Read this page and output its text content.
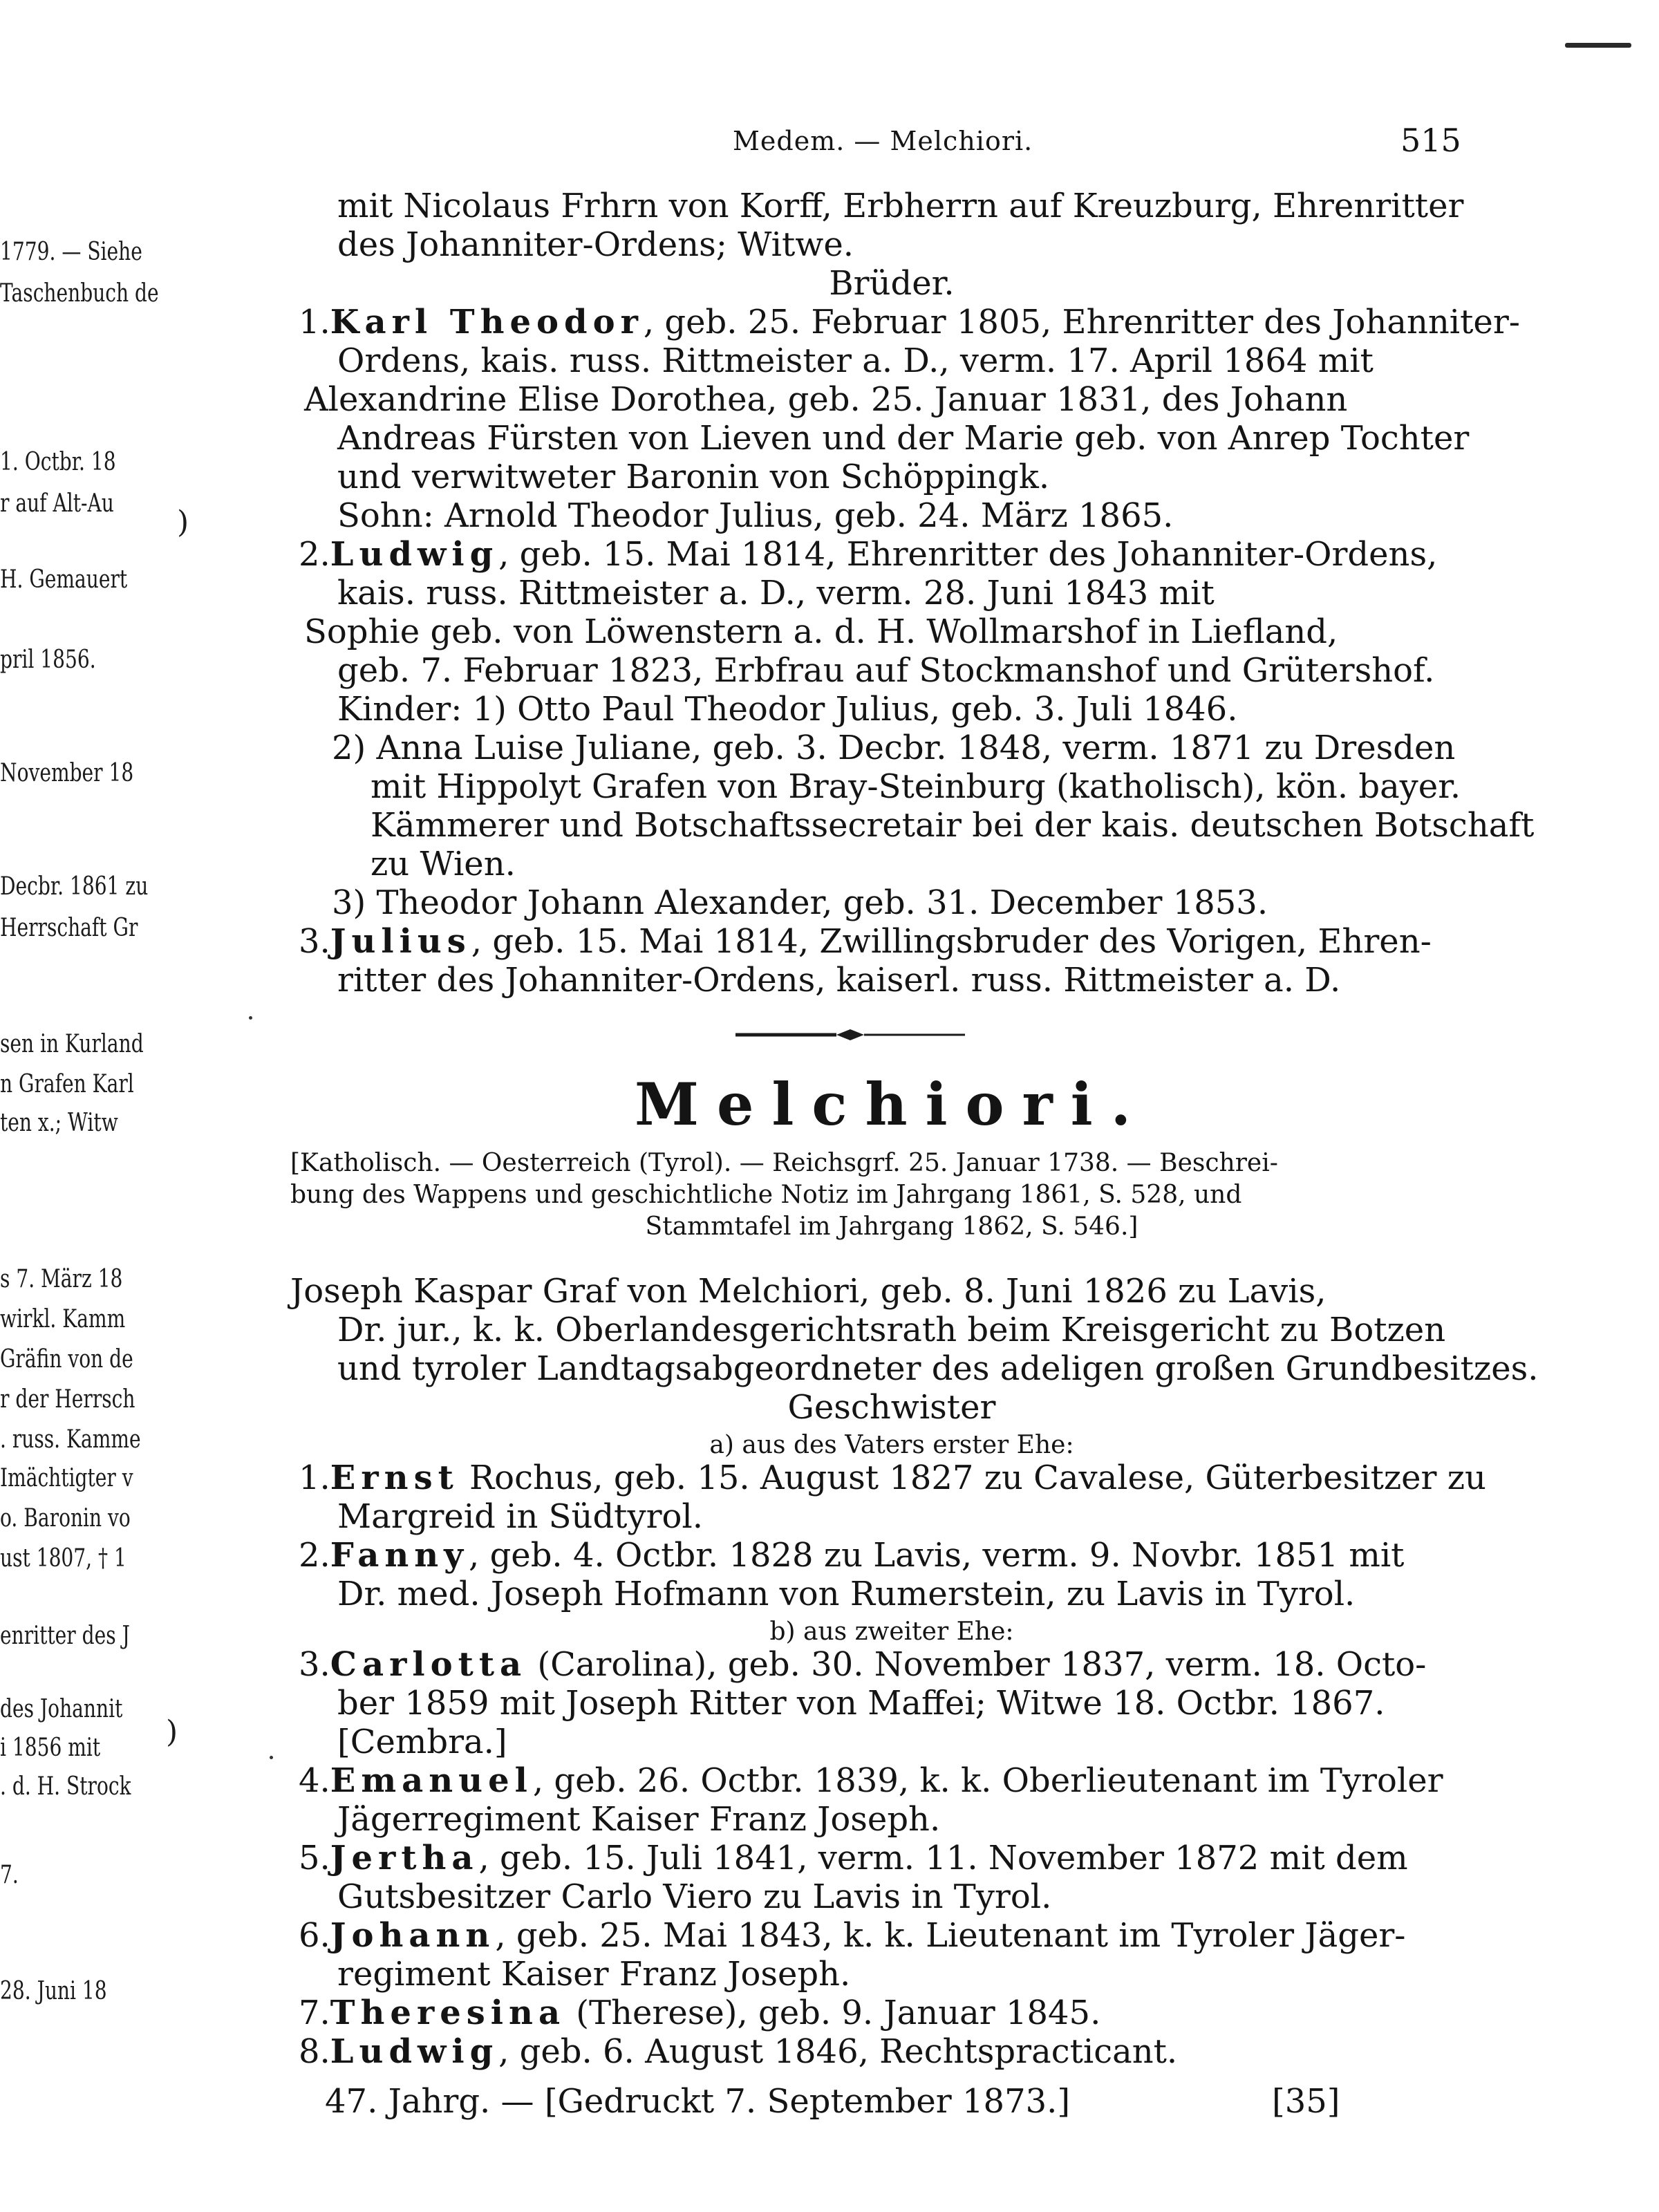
1779. — Siehe
Taschenbuch de
1. Octbr. 18
r auf Alt-Au
H. Gemauert
pril 1856.
November 18
Decbr. 1861 zu
Herrschaft Gr
sen in Kurland
n Grafen Karl
ten x.; Witw
s 7. März 18
wirkl. Kamm
Gräfin von de
r der Herrsch
. russ. Kamme
Imächtigter v
o. Baronin vo
ust 1807, † 1
enritter des J
des Johannit
i 1856 mit
. d. H. Strock
7.
28. Juni 18
)
)
Medem. — Melchiori.	515
mit Nicolaus Frhrn von Korff, Erbherrn auf Kreuzburg, Ehrenritter
des Johanniter-Ordens; Witwe.
Brüder.
1.Karl Theodor, geb. 25. Februar 1805, Ehrenritter des Johanniter-
Ordens, kais. russ. Rittmeister a. D., verm. 17. April 1864 mit
Alexandrine Elise Dorothea, geb. 25. Januar 1831, des Johann
Andreas Fürsten von Lieven und der Marie geb. von Anrep Tochter
und verwitweter Baronin von Schöppingk.
Sohn: Arnold Theodor Julius, geb. 24. März 1865.
2.Ludwig, geb. 15. Mai 1814, Ehrenritter des Johanniter-Ordens,
kais. russ. Rittmeister a. D., verm. 28. Juni 1843 mit
Sophie geb. von Löwenstern a. d. H. Wollmarshof in Liefland,
geb. 7. Februar 1823, Erbfrau auf Stockmanshof und Grütershof.
Kinder: 1) Otto Paul Theodor Julius, geb. 3. Juli 1846.
2) Anna Luise Juliane, geb. 3. Decbr. 1848, verm. 1871 zu Dresden
mit Hippolyt Grafen von Bray-Steinburg (katholisch), kön. bayer.
Kämmerer und Botschaftssecretair bei der kais. deutschen Botschaft
zu Wien.
3) Theodor Johann Alexander, geb. 31. December 1853.
3.Julius, geb. 15. Mai 1814, Zwillingsbruder des Vorigen, Ehren-
ritter des Johanniter-Ordens, kaiserl. russ. Rittmeister a. D.
[Katholisch. — Oesterreich (Tyrol). — Reichsgrf. 25. Januar 1738. — Beschrei-
bung des Wappens und geschichtliche Notiz im Jahrgang 1861, S. 528, und
Stammtafel im Jahrgang 1862, S. 546.]
Joseph Kaspar Graf von Melchiori, geb. 8. Juni 1826 zu Lavis,
Dr. jur., k. k. Oberlandesgerichtsrath beim Kreisgericht zu Botzen
und tyroler Landtagsabgeordneter des adeligen großen Grundbesitzes.
Geschwister
a) aus des Vaters erster Ehe:
1.Ernst Rochus, geb. 15. August 1827 zu Cavalese, Güterbesitzer zu
Margreid in Südtyrol.
2.Fanny, geb. 4. Octbr. 1828 zu Lavis, verm. 9. Novbr. 1851 mit
Dr. med. Joseph Hofmann von Rumerstein, zu Lavis in Tyrol.
b) aus zweiter Ehe:
3.Carlotta (Carolina), geb. 30. November 1837, verm. 18. Octo-
ber 1859 mit Joseph Ritter von Maffei; Witwe 18. Octbr. 1867.
[Cembra.]
4.Emanuel, geb. 26. Octbr. 1839, k. k. Oberlieutenant im Tyroler
Jägerregiment Kaiser Franz Joseph.
5.Jertha, geb. 15. Juli 1841, verm. 11. November 1872 mit dem
Gutsbesitzer Carlo Viero zu Lavis in Tyrol.
6.Johann, geb. 25. Mai 1843, k. k. Lieutenant im Tyroler Jäger-
regiment Kaiser Franz Joseph.
7.Theresina (Therese), geb. 9. Januar 1845.
8.Ludwig, geb. 6. August 1846, Rechtspracticant.
47. Jahrg. — [Gedruckt 7. September 1873.]	[35]
Melchiori.
